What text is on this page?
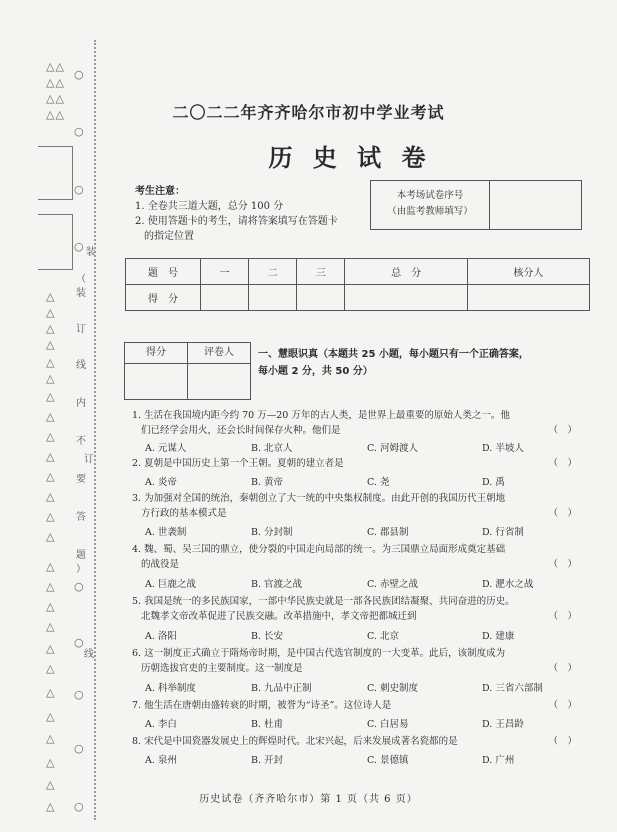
△△
○
△△
△△
△△
○
○
○ 装
（
装
订
线
内
不
要
答
题
）
△
△
△
△
△
△
△
△
△
△
△
△
△
△
○
△
△
△
△
○
△
△
△ ○
△
△
○
△
△
△ ○
订
线
二〇二二年齐齐哈尔市初中学业考试
历 史 试 卷
考生注意：
1. 全卷共三道大题，总分 100 分
2. 使用答题卡的考生，请将答案填写在答题卡
的指定位置
本考场试卷序号
（由监考教师填写）
题　号	一	二	三	总　分	核分人
得　分					
得分	评卷人	一、慧眼识真（本题共 25 小题，每小题只有一个正确答案，
每小题 2 分，共 50 分）
1. 生活在我国境内距今约 70 万—20 万年的古人类，是世界上最重要的原始人类之一。他
们已经学会用火，还会长时间保存火种。他们是	（　）
A. 元谋人	B. 北京人	C. 河姆渡人	D. 半坡人
2. 夏朝是中国历史上第一个王朝。夏朝的建立者是	（　）
A. 炎帝	B. 黄帝	C. 尧	D. 禹
3. 为加强对全国的统治，秦朝创立了大一统的中央集权制度。由此开创的我国历代王朝地
方行政的基本模式是	（　）
A. 世袭制	B. 分封制	C. 郡县制	D. 行省制
4. 魏、蜀、吴三国的鼎立，使分裂的中国走向局部的统一。为三国鼎立局面形成奠定基础
的战役是	（　）
A. 巨鹿之战	B. 官渡之战	C. 赤壁之战	D. 淝水之战
5. 我国是统一的多民族国家，一部中华民族史就是一部各民族团结凝聚、共同奋进的历史。
北魏孝文帝改革促进了民族交融。改革措施中，孝文帝把都城迁到	（　）
A. 洛阳	B. 长安	C. 北京	D. 建康
6. 这一制度正式确立于隋炀帝时期，是中国古代选官制度的一大变革。此后，该制度成为
历朝选拔官吏的主要制度。这一制度是	（　）
A. 科举制度	B. 九品中正制	C. 刺史制度	D. 三省六部制
7. 他生活在唐朝由盛转衰的时期，被誉为“诗圣”。这位诗人是	（　）
A. 李白	B. 杜甫	C. 白居易	D. 王昌龄
8. 宋代是中国瓷器发展史上的辉煌时代。北宋兴起，后来发展成著名瓷都的是	（　）
A. 泉州	B. 开封	C. 景德镇	D. 广州
历史试卷（齐齐哈尔市）第 1 页（共 6 页）
